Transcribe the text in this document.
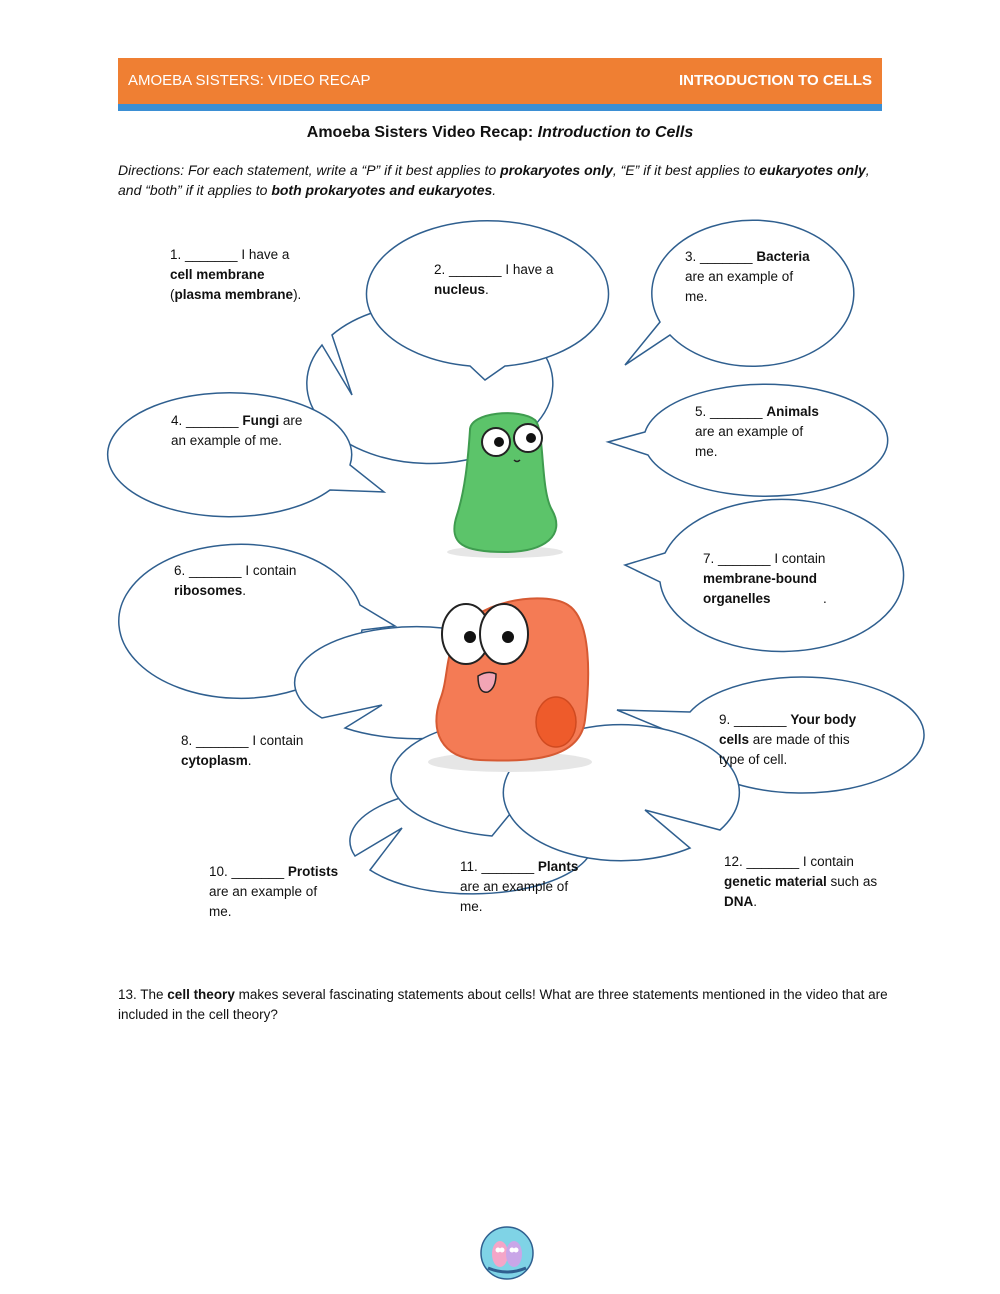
AMOEBA SISTERS: VIDEO RECAP	INTRODUCTION TO CELLS
Amoeba Sisters Video Recap: Introduction to Cells
Directions: For each statement, write a “P” if it best applies to prokaryotes only, “E” if it best applies to eukaryotes only, and “both” if it applies to both prokaryotes and eukaryotes.
1. _______ I have a
cell membrane
(plasma membrane).
2. _______ I have a
nucleus.
3. _______ Bacteria
are an example of me.
4. _______ Fungi are an example of me.
5. _______ Animals
are an example of me.
6. _______ I contain
ribosomes.
7. _______ I contain
membrane-bound organelles	.
8. _______ I contain
cytoplasm.
9. _______ Your body cells are made of this type of cell.
10. _______ Protists
are an example of me.
11. _______ Plants
are an example of me.
12. _______ I contain
genetic material such as
DNA.
13. The cell theory makes several fascinating statements about cells! What are three statements mentioned in the video that are included in the cell theory?
